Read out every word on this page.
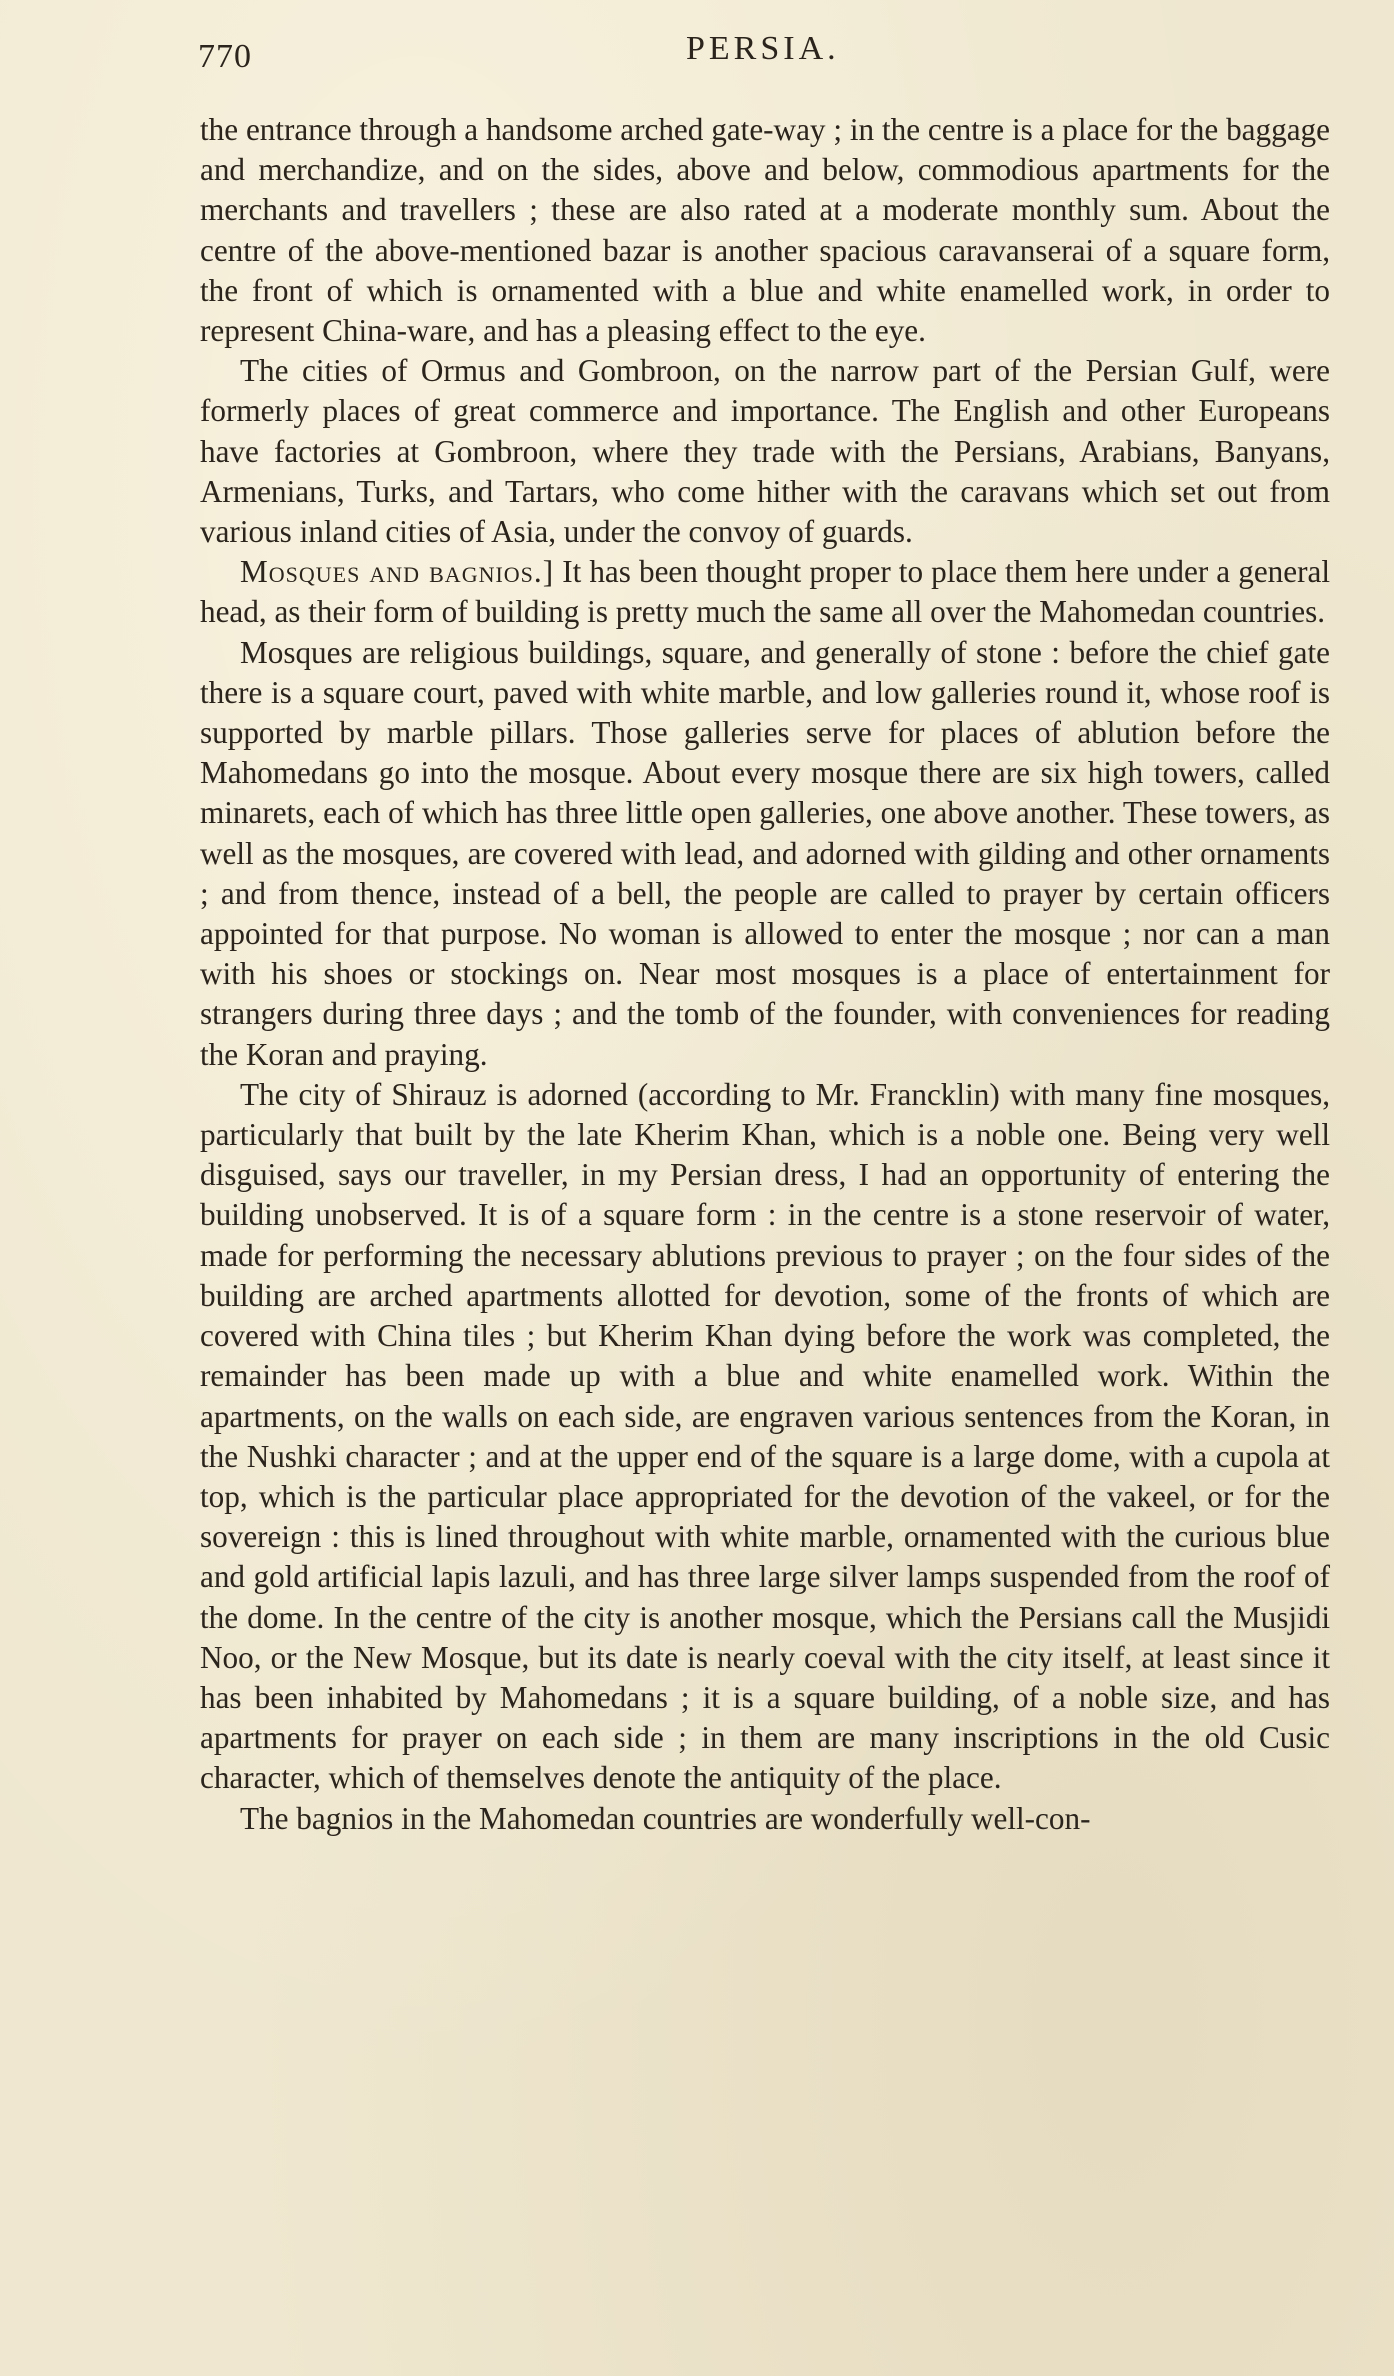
770	PERSIA.

the entrance through a handsome arched gate-way ; in the centre is a place for the baggage and merchandize, and on the sides, above and below, commodious apartments for the merchants and travellers ; these are also rated at a moderate monthly sum. About the centre of the above-mentioned bazar is another spacious caravanserai of a square form, the front of which is ornamented with a blue and white enamelled work, in order to represent China-ware, and has a pleasing effect to the eye.

The cities of Ormus and Gombroon, on the narrow part of the Persian Gulf, were formerly places of great commerce and importance. The English and other Europeans have factories at Gombroon, where they trade with the Persians, Arabians, Banyans, Armenians, Turks, and Tartars, who come hither with the caravans which set out from various inland cities of Asia, under the convoy of guards.

Mosques and bagnios.] It has been thought proper to place them here under a general head, as their form of building is pretty much the same all over the Mahomedan countries.

Mosques are religious buildings, square, and generally of stone : before the chief gate there is a square court, paved with white marble, and low galleries round it, whose roof is supported by marble pillars. Those galleries serve for places of ablution before the Mahomedans go into the mosque. About every mosque there are six high towers, called minarets, each of which has three little open galleries, one above another. These towers, as well as the mosques, are covered with lead, and adorned with gilding and other ornaments ; and from thence, instead of a bell, the people are called to prayer by certain officers appointed for that purpose. No woman is allowed to enter the mosque ; nor can a man with his shoes or stockings on. Near most mosques is a place of entertainment for strangers during three days ; and the tomb of the founder, with conveniences for reading the Koran and praying.

The city of Shirauz is adorned (according to Mr. Francklin) with many fine mosques, particularly that built by the late Kherim Khan, which is a noble one. Being very well disguised, says our traveller, in my Persian dress, I had an opportunity of entering the building unobserved. It is of a square form : in the centre is a stone reservoir of water, made for performing the necessary ablutions previous to prayer ; on the four sides of the building are arched apartments allotted for devotion, some of the fronts of which are covered with China tiles ; but Kherim Khan dying before the work was completed, the remainder has been made up with a blue and white enamelled work. Within the apartments, on the walls on each side, are engraven various sentences from the Koran, in the Nushki character ; and at the upper end of the square is a large dome, with a cupola at top, which is the particular place appropriated for the devotion of the vakeel, or for the sovereign : this is lined throughout with white marble, ornamented with the curious blue and gold artificial lapis lazuli, and has three large silver lamps suspended from the roof of the dome. In the centre of the city is another mosque, which the Persians call the Musjidi Noo, or the New Mosque, but its date is nearly coeval with the city itself, at least since it has been inhabited by Mahomedans ; it is a square building, of a noble size, and has apartments for prayer on each side ; in them are many inscriptions in the old Cusic character, which of themselves denote the antiquity of the place.

The bagnios in the Mahomedan countries are wonderfully well-con-
